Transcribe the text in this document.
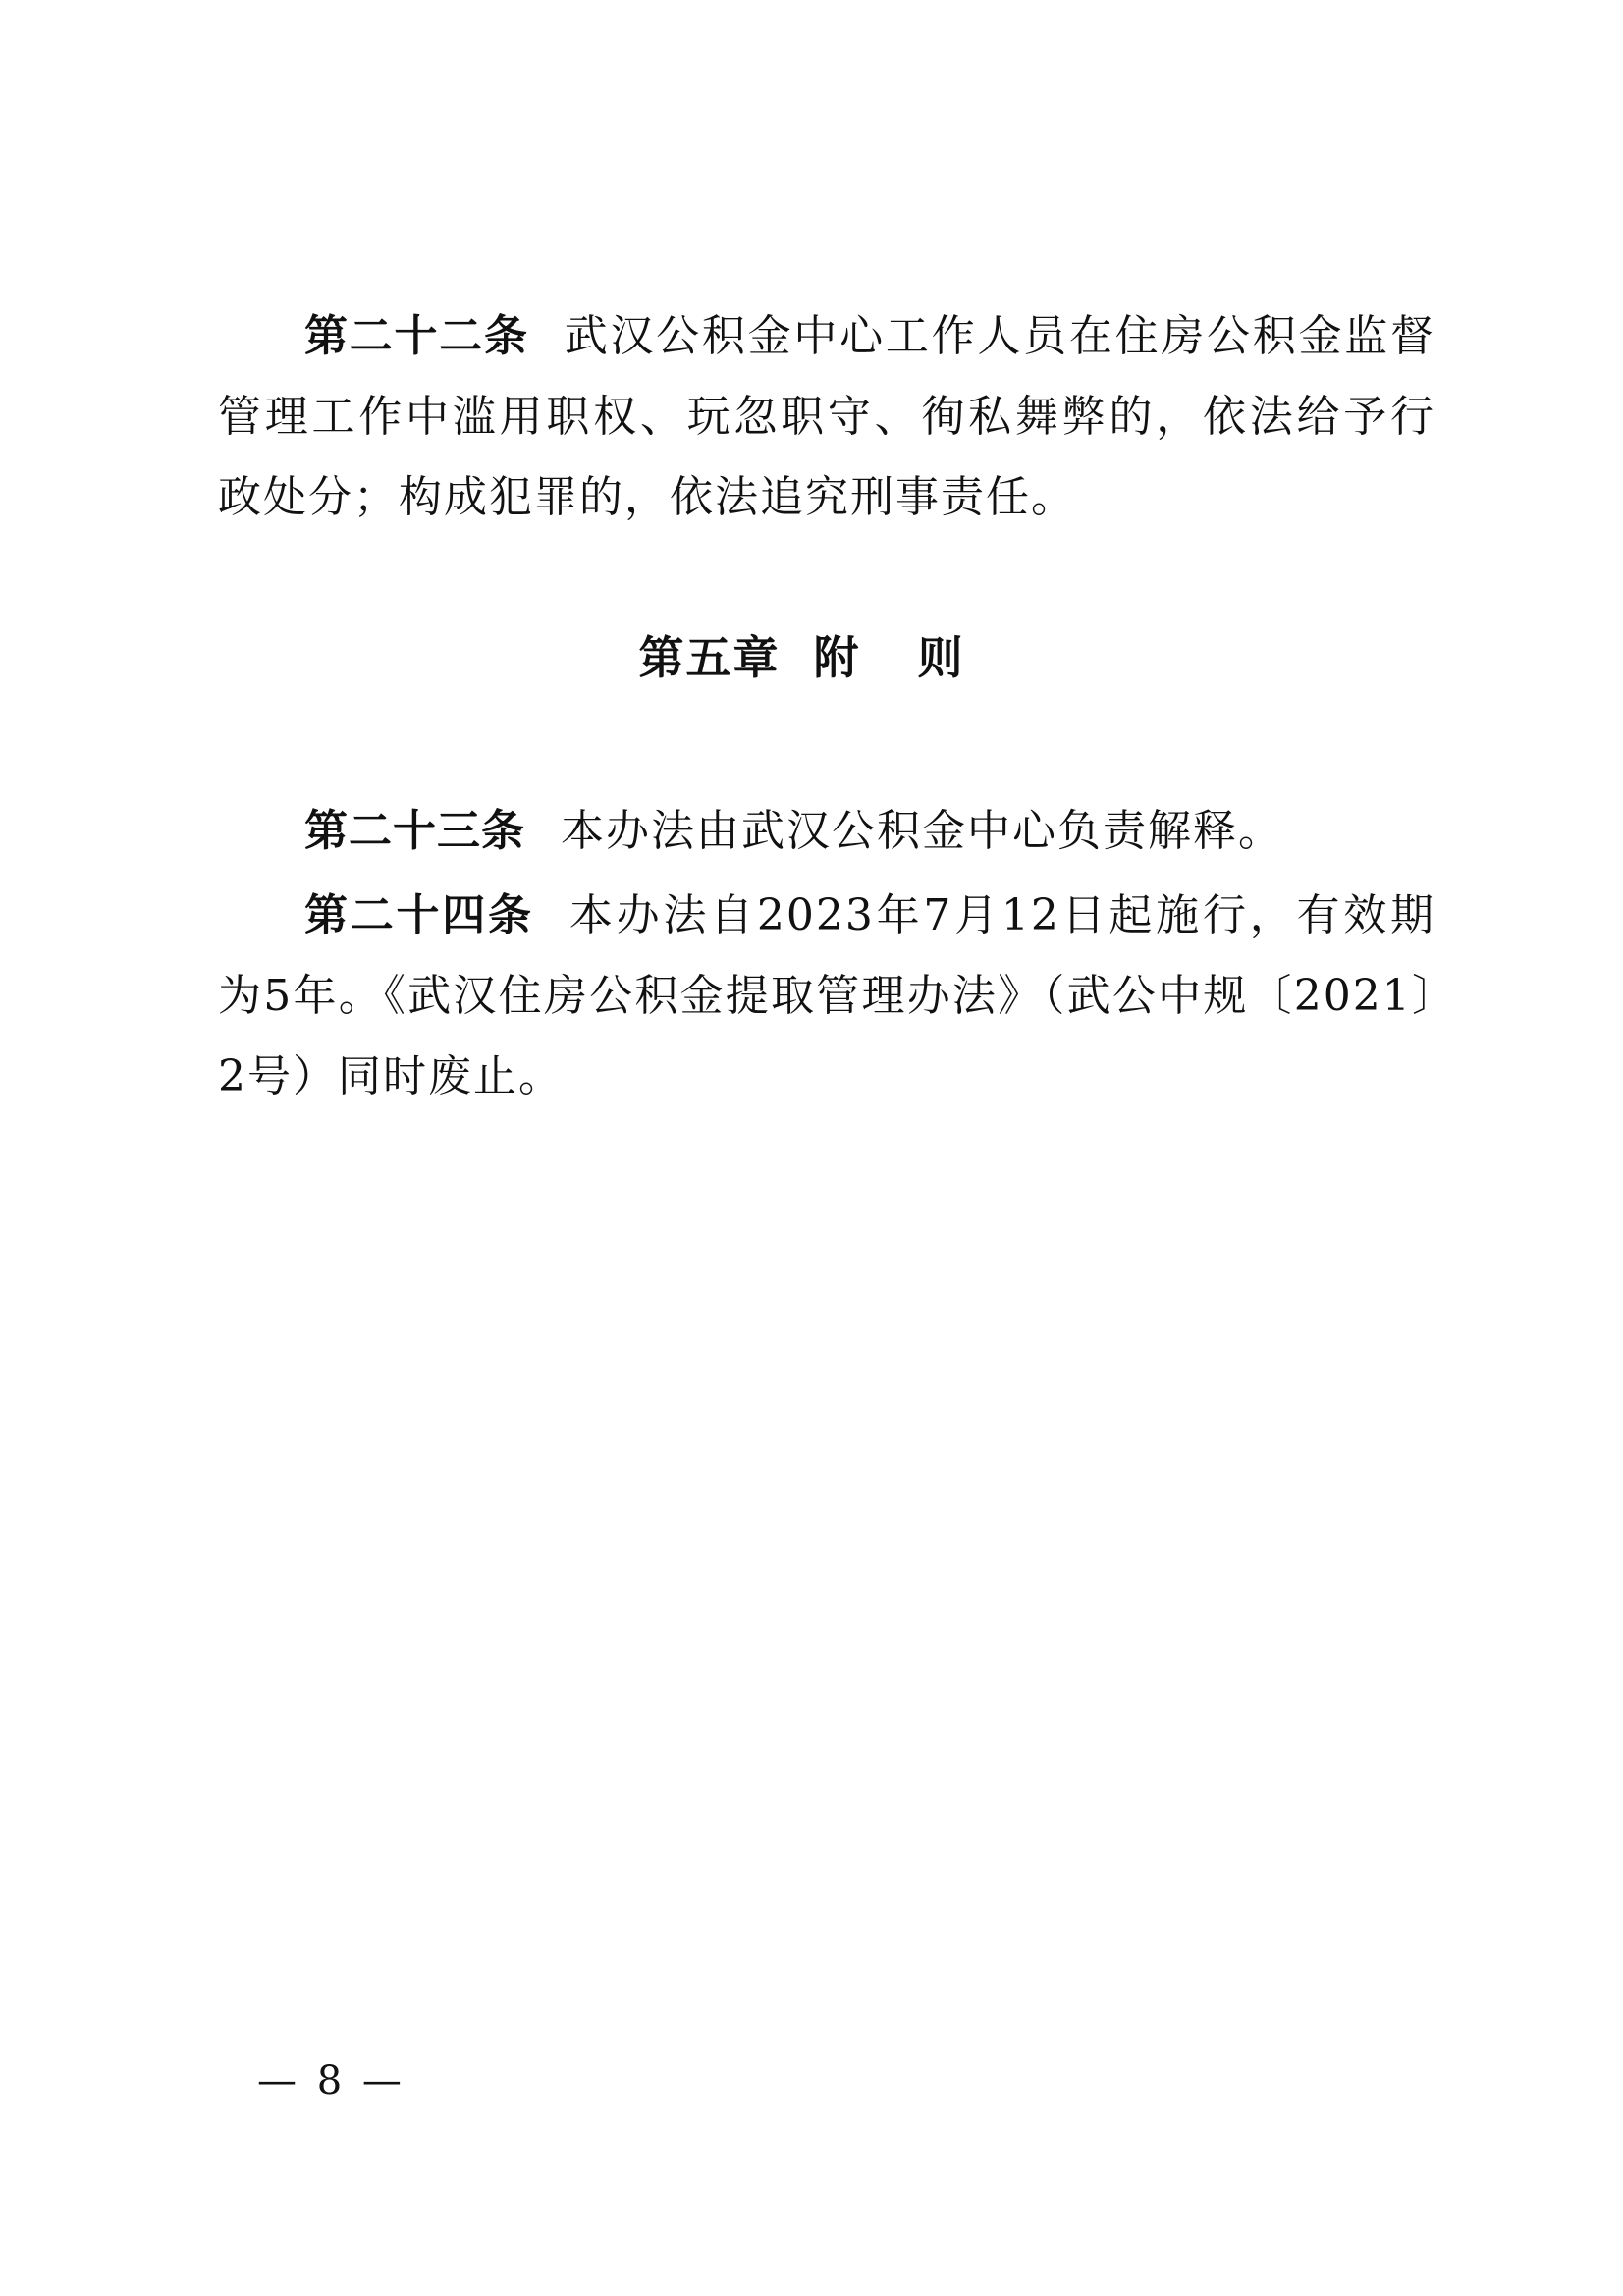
第二十二条 武汉公积金中心工作人员在住房公积金监督管理工作中滥用职权、玩忽职守、徇私舞弊的，依法给予行政处分；构成犯罪的，依法追究刑事责任。

第五章 附 则

第二十三条 本办法由武汉公积金中心负责解释。

第二十四条 本办法自2023年7月12日起施行，有效期为5年。《武汉住房公积金提取管理办法》（武公中规〔2021〕2号）同时废止。

— 8 —
